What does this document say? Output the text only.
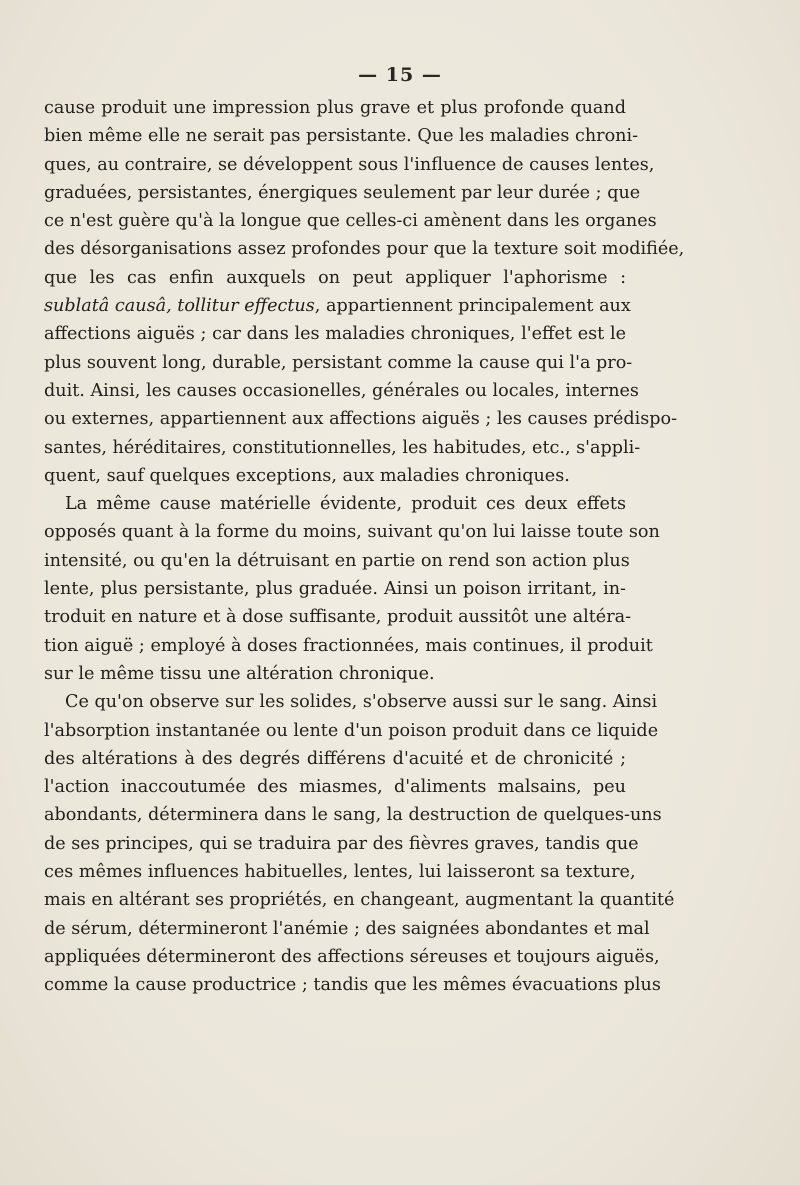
— 15 —
cause produit une impression plus grave et plus profonde quand
bien même elle ne serait pas persistante. Que les maladies chroni-
ques, au contraire, se développent sous l'influence de causes lentes,
graduées, persistantes, énergiques seulement par leur durée ; que
ce n'est guère qu'à la longue que celles-ci amènent dans les organes
des désorganisations assez profondes pour que la texture soit modifiée,
que les cas enfin auxquels on peut appliquer l'aphorisme :
sublatâ causâ, tollitur effectus, appartiennent principalement aux
affections aiguës ; car dans les maladies chroniques, l'effet est le
plus souvent long, durable, persistant comme la cause qui l'a pro-
duit. Ainsi, les causes occasionelles, générales ou locales, internes
ou externes, appartiennent aux affections aiguës ; les causes prédispo-
santes, héréditaires, constitutionnelles, les habitudes, etc., s'appli-
quent, sauf quelques exceptions, aux maladies chroniques.
La même cause matérielle évidente, produit ces deux effets
opposés quant à la forme du moins, suivant qu'on lui laisse toute son
intensité, ou qu'en la détruisant en partie on rend son action plus
lente, plus persistante, plus graduée. Ainsi un poison irritant, in-
troduit en nature et à dose suffisante, produit aussitôt une altéra-
tion aiguë ; employé à doses fractionnées, mais continues, il produit
sur le même tissu une altération chronique.
Ce qu'on observe sur les solides, s'observe aussi sur le sang. Ainsi
l'absorption instantanée ou lente d'un poison produit dans ce liquide
des altérations à des degrés différens d'acuité et de chronicité ;
l'action inaccoutumée des miasmes, d'aliments malsains, peu
abondants, déterminera dans le sang, la destruction de quelques-uns
de ses principes, qui se traduira par des fièvres graves, tandis que
ces mêmes influences habituelles, lentes, lui laisseront sa texture,
mais en altérant ses propriétés, en changeant, augmentant la quantité
de sérum, détermineront l'anémie ; des saignées abondantes et mal
appliquées détermineront des affections séreuses et toujours aiguës,
comme la cause productrice ; tandis que les mêmes évacuations plus
